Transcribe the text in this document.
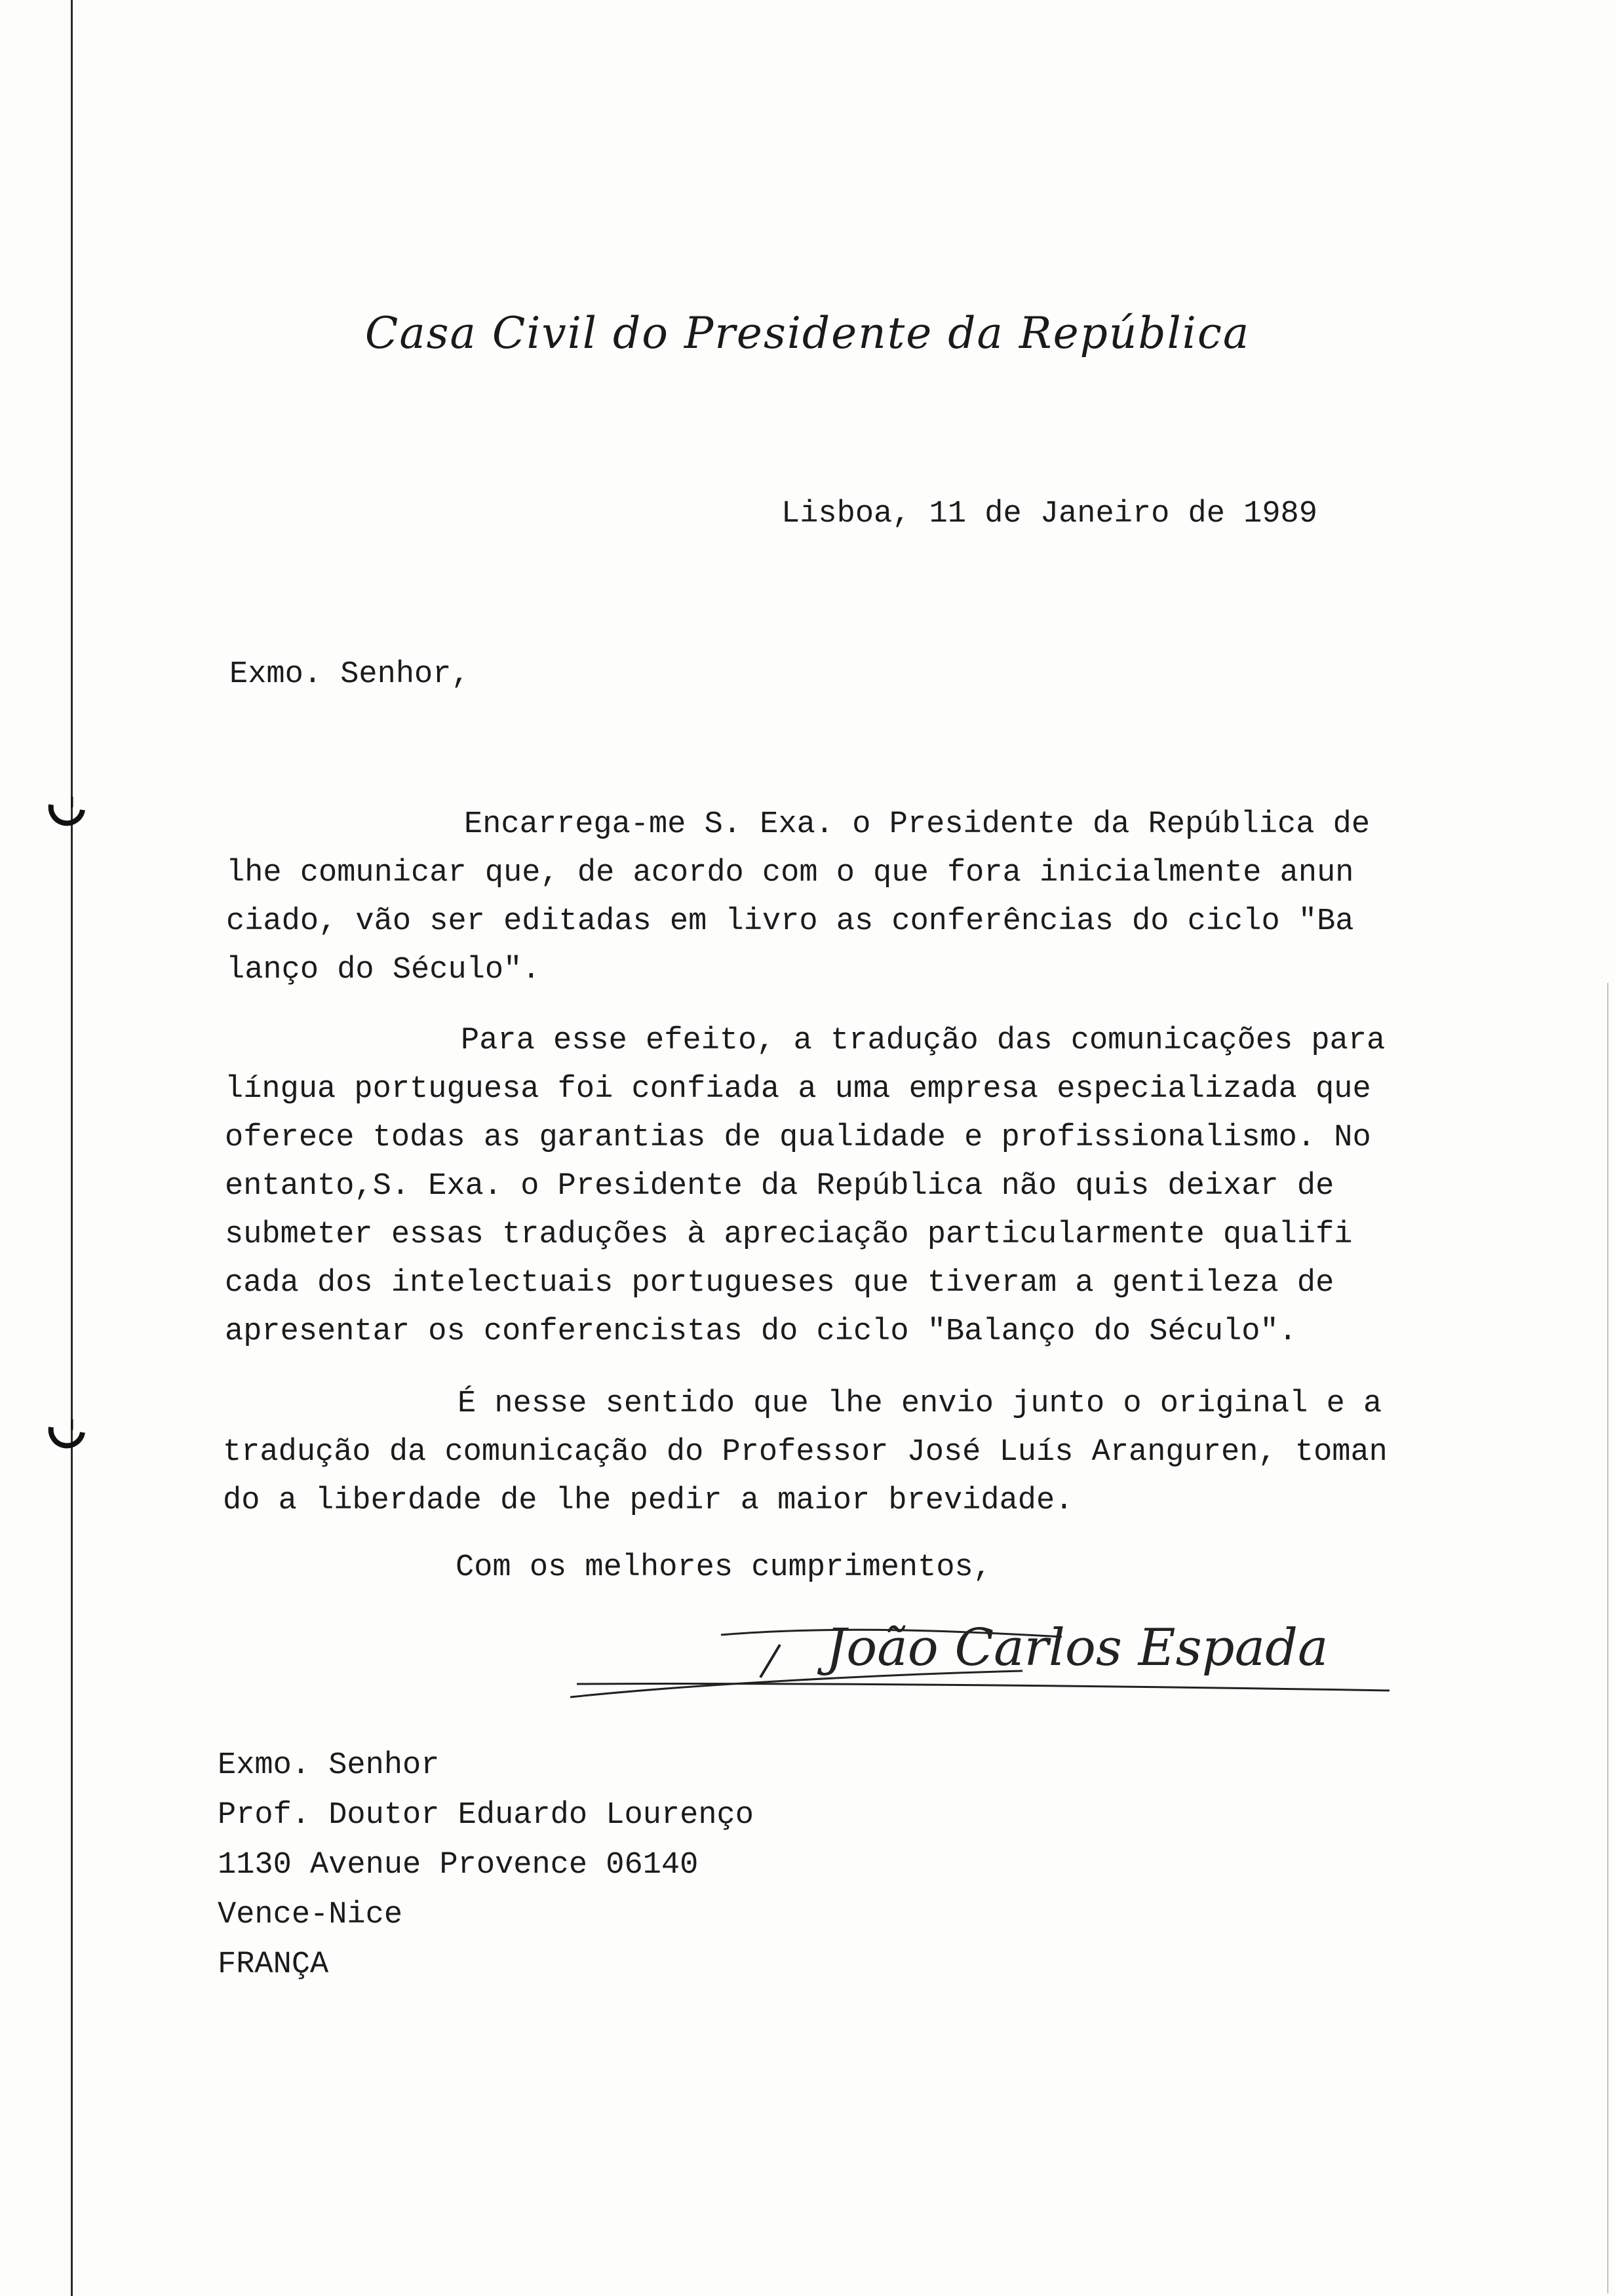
Casa Civil do Presidente da República
Lisboa, 11 de Janeiro de 1989
Exmo. Senhor,
Encarrega-me S. Exa. o Presidente da República de
lhe comunicar que, de acordo com o que fora inicialmente anun
ciado, vão ser editadas em livro as conferências do ciclo "Ba
lanço do Século".
Para esse efeito, a tradução das comunicações para
língua portuguesa foi confiada a uma empresa especializada que
oferece todas as garantias de qualidade e profissionalismo. No
entanto,S. Exa. o Presidente da República não quis deixar de
submeter essas traduções à apreciação particularmente qualifi
cada dos intelectuais portugueses que tiveram a gentileza de
apresentar os conferencistas do ciclo "Balanço do Século".
É nesse sentido que lhe envio junto o original e a
tradução da comunicação do Professor José Luís Aranguren, toman
do a liberdade de lhe pedir a maior brevidade.
Com os melhores cumprimentos,
João Carlos Espada
Exmo. Senhor
Prof. Doutor Eduardo Lourenço
1130 Avenue Provence 06140
Vence-Nice
FRANÇA
